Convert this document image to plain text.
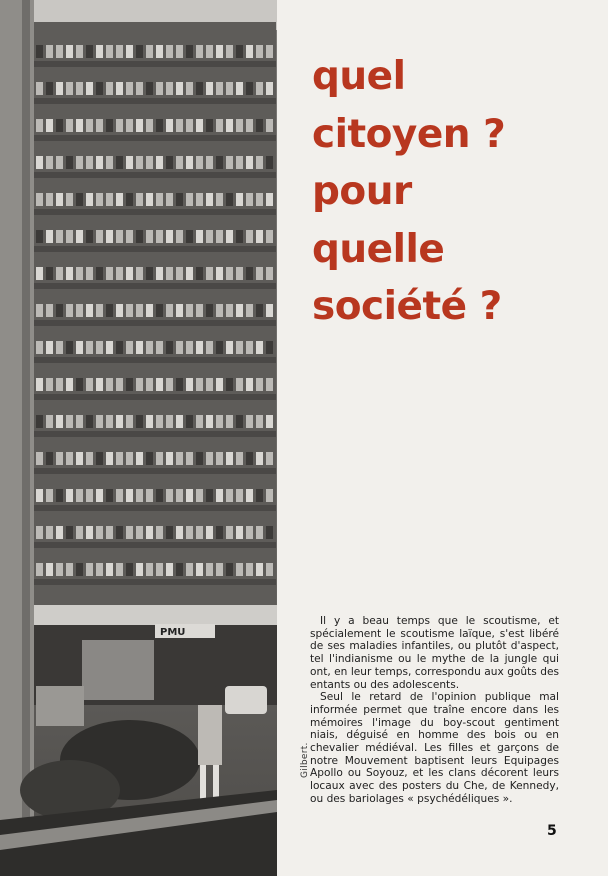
PMU
Gilbert.
quel
citoyen ?
pour
quelle
société ?

Il y a beau temps que le scoutisme, et spécialement le scoutisme laïque, s'est libéré de ses maladies infantiles, ou plutôt d'aspect, tel l'indianisme ou le mythe de la jungle qui ont, en leur temps, correspondu aux goûts des entants ou des adolescents.

Seul le retard de l'opinion publique mal informée permet que traîne encore dans les mémoires l'image du boy-scout gentiment niais, déguisé en homme des bois ou en chevalier médiéval. Les filles et garçons de notre Mouvement baptisent leurs Equipages Apollo ou Soyouz, et les clans décorent leurs locaux avec des posters du Che, de Kennedy, ou des bariolages « psychédéliques ».

5
